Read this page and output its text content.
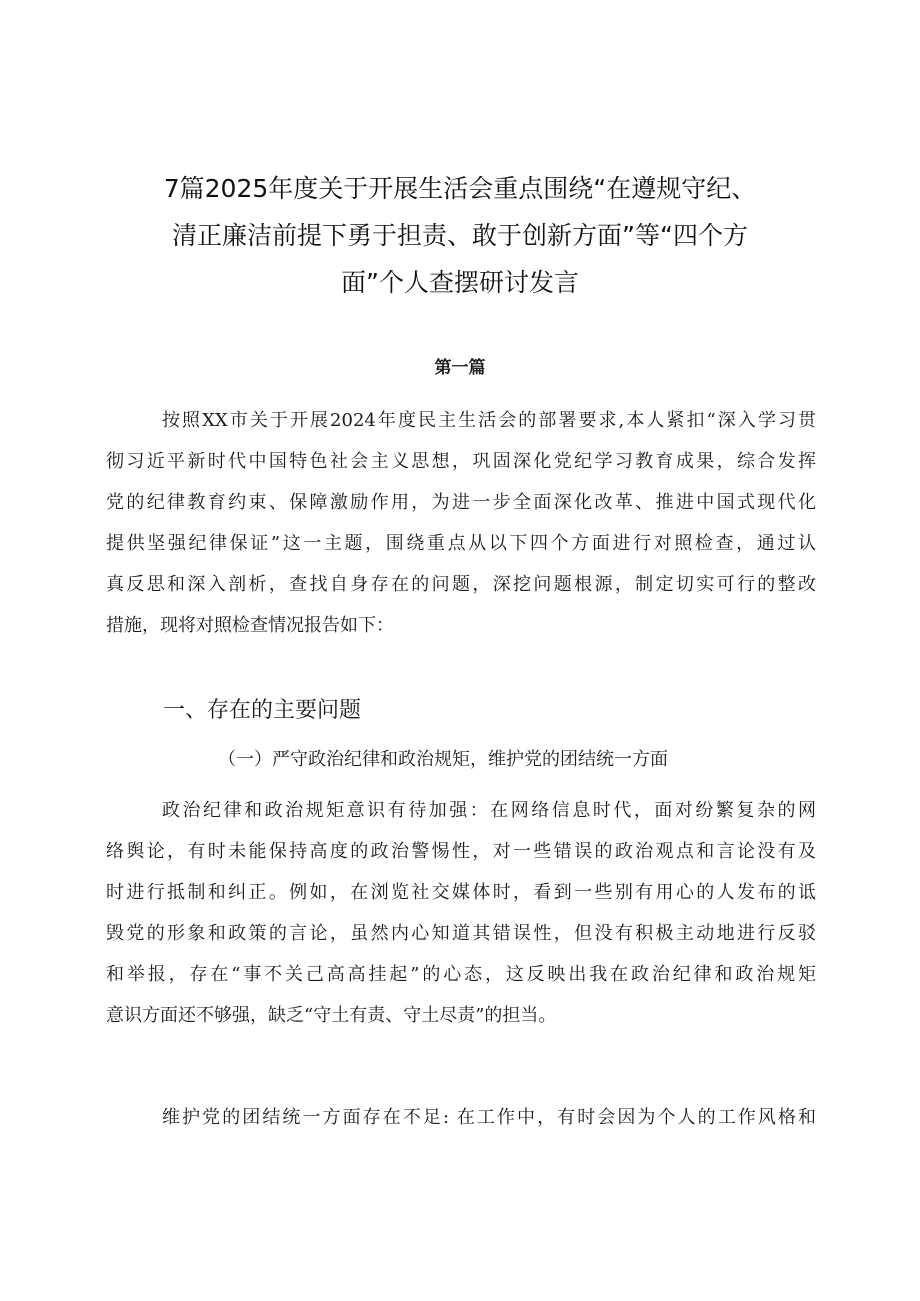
7篇2025年度关于开展生活会重点围绕“在遵规守纪、
清正廉洁前提下勇于担责、敢于创新方面”等“四个方
面”个人查摆研讨发言
第一篇
按照XX市关于开展2024年度民主生活会的部署要求,本人紧扣“深入学习贯
彻习近平新时代中国特色社会主义思想，巩固深化党纪学习教育成果，综合发挥
党的纪律教育约束、保障激励作用，为进一步全面深化改革、推进中国式现代化
提供坚强纪律保证”这一主题，围绕重点从以下四个方面进行对照检查，通过认
真反思和深入剖析，查找自身存在的问题，深挖问题根源，制定切实可行的整改
措施，现将对照检查情况报告如下：
一、存在的主要问题
（一）严守政治纪律和政治规矩，维护党的团结统一方面
政治纪律和政治规矩意识有待加强：在网络信息时代，面对纷繁复杂的网
络舆论，有时未能保持高度的政治警惕性，对一些错误的政治观点和言论没有及
时进行抵制和纠正。例如，在浏览社交媒体时，看到一些别有用心的人发布的诋
毁党的形象和政策的言论，虽然内心知道其错误性，但没有积极主动地进行反驳
和举报，存在“事不关己高高挂起”的心态，这反映出我在政治纪律和政治规矩
意识方面还不够强，缺乏“守土有责、守土尽责”的担当。
维护党的团结统一方面存在不足: 在工作中，有时会因为个人的工作风格和
